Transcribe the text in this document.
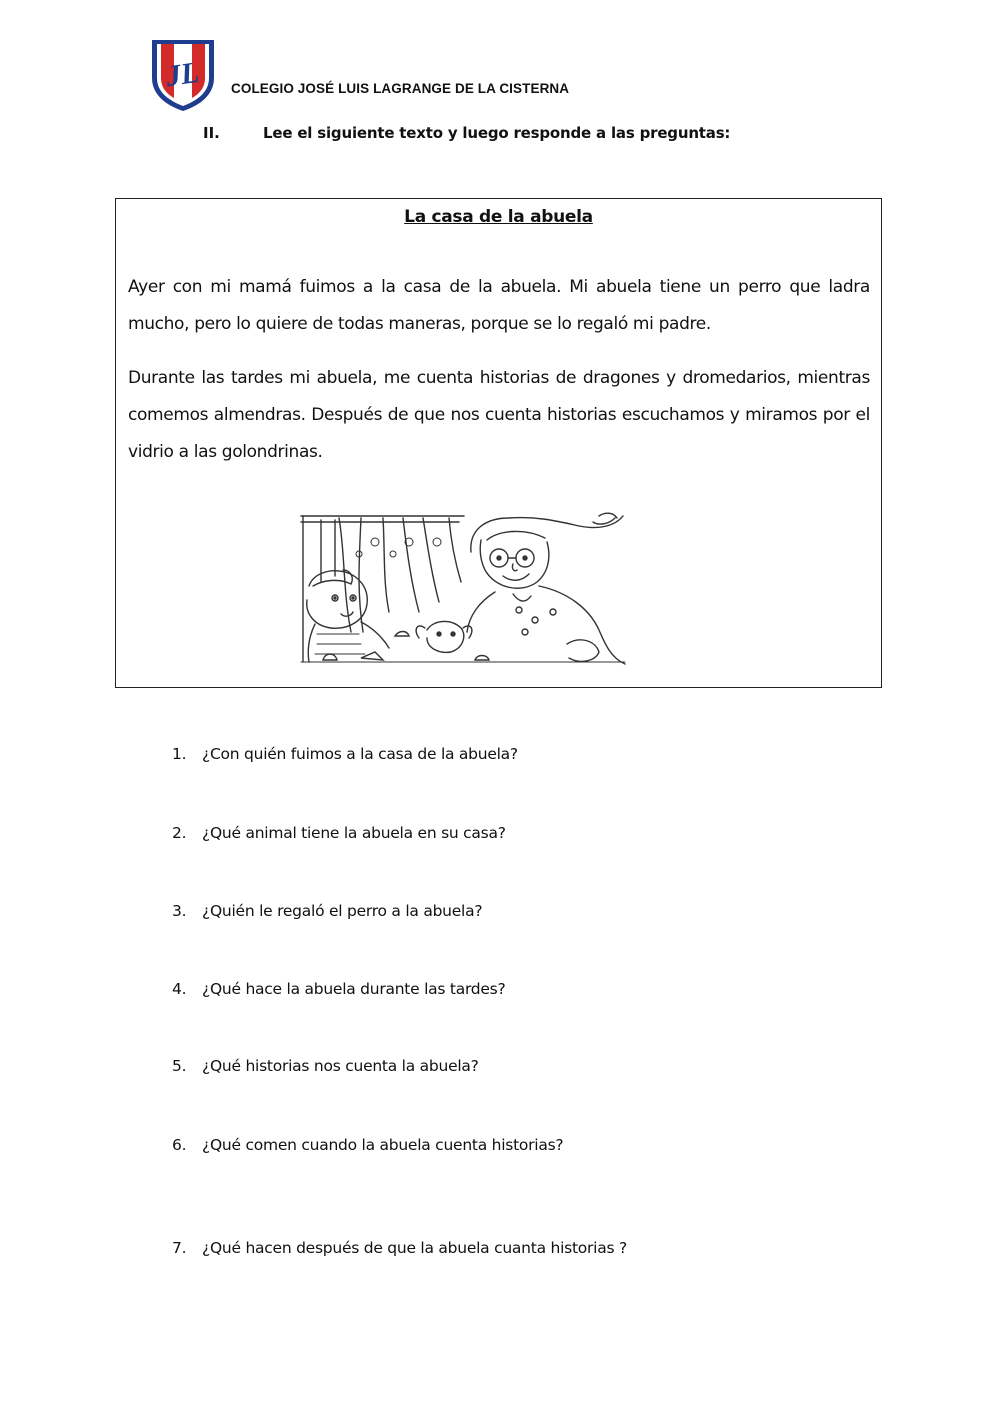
JL COLEGIO JOSÉ LUIS LAGRANGE DE LA CISTERNA
II.	Lee el siguiente texto y luego responde a las preguntas:
La casa de la abuela

Ayer con mi mamá fuimos a la casa de la abuela. Mi abuela tiene un perro que ladra mucho, pero lo quiere de todas maneras, porque se lo regaló mi padre.

Durante las tardes mi abuela, me cuenta historias de dragones y dromedarios, mientras comemos almendras. Después de que nos cuenta historias escuchamos y miramos por el vidrio a las golondrinas.

1. ¿Con quién fuimos a la casa de la abuela?
2. ¿Qué animal tiene la abuela en su casa?
3. ¿Quién le regaló el perro a la abuela?
4. ¿Qué hace la abuela durante las tardes?
5. ¿Qué historias nos cuenta la abuela?
6. ¿Qué comen cuando la abuela cuenta historias?
7. ¿Qué hacen después de que la abuela cuanta historias ?
